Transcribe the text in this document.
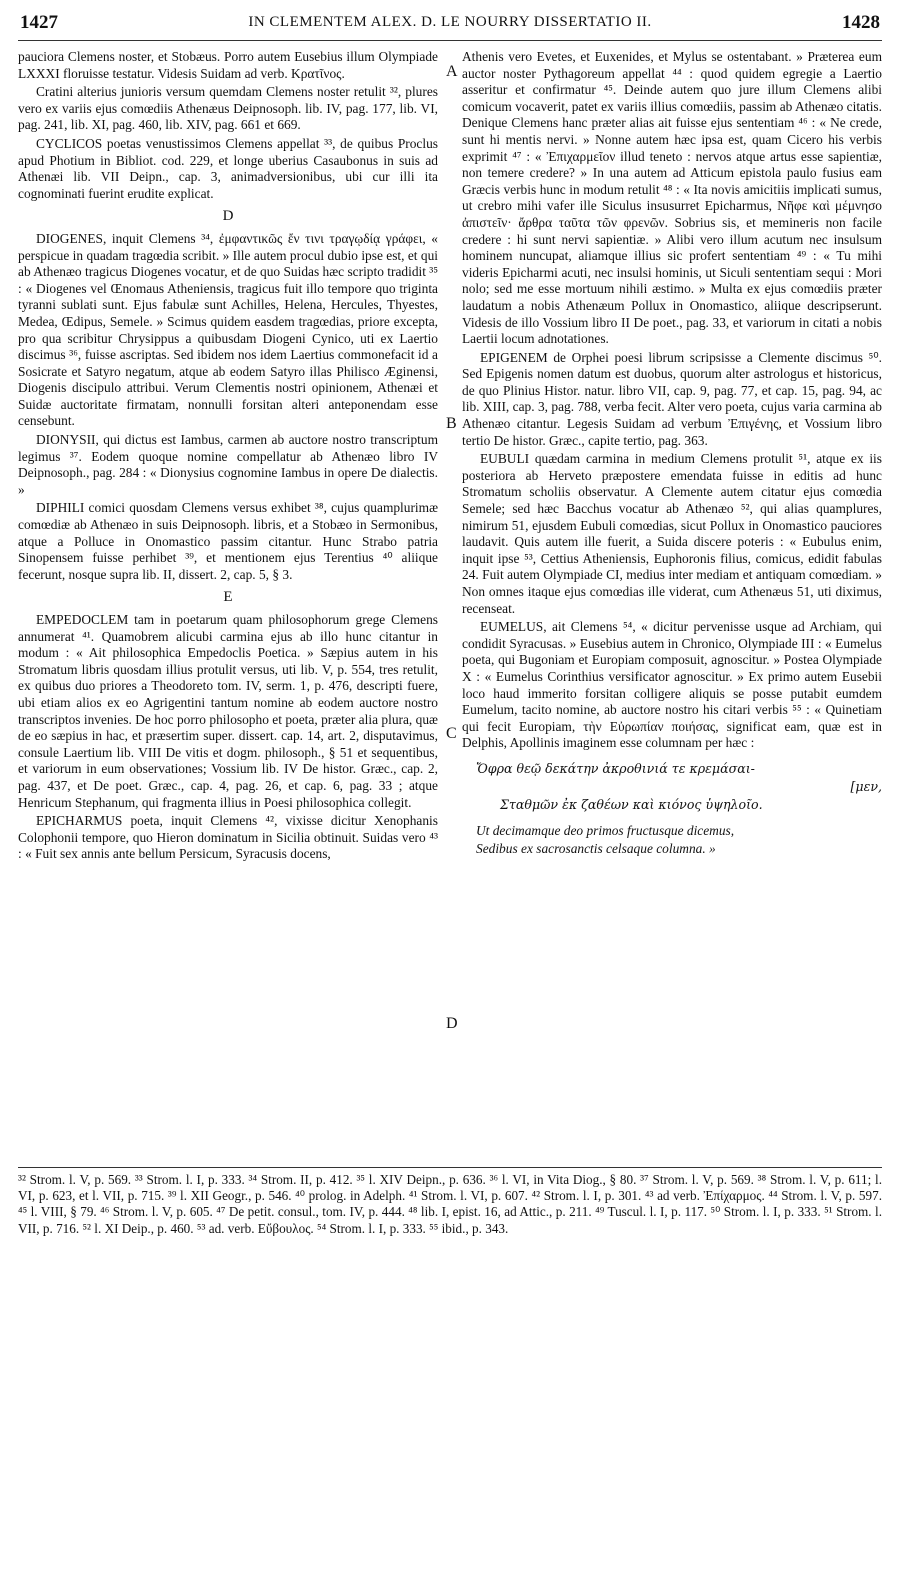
1427	IN CLEMENTEM ALEX. D. LE NOURRY DISSERTATIO II.	1428
A
B
C
D

pauciora Clemens noster, et Stobæus. Porro autem Eusebius illum Olympiade LXXXI floruisse testatur. Videsis Suidam ad verb. Κρατῖνος.

Cratini alterius junioris versum quemdam Clemens noster retulit ³², plures vero ex variis ejus comœdiis Athenæus Deipnosoph. lib. IV, pag. 177, lib. VI, pag. 241, lib. XI, pag. 460, lib. XIV, pag. 661 et 669.

CYCLICOS poetas venustissimos Clemens appellat ³³, de quibus Proclus apud Photium in Bibliot. cod. 229, et longe uberius Casaubonus in suis ad Athenæi lib. VII Deipn., cap. 3, animadversionibus, ubi cur illi ita cognominati fuerint erudite explicat.

D

DIOGENES, inquit Clemens ³⁴, ἐμφαντικῶς ἔν τινι τραγῳδίᾳ γράφει, « perspicue in quadam tragœdia scribit. » Ille autem procul dubio ipse est, et qui ab Athenæo tragicus Diogenes vocatur, et de quo Suidas hæc scripto tradidit ³⁵ : « Diogenes vel Œnomaus Atheniensis, tragicus fuit illo tempore quo triginta tyranni sublati sunt. Ejus fabulæ sunt Achilles, Helena, Hercules, Thyestes, Medea, Œdipus, Semele. » Scimus quidem easdem tragœdias, priore excepta, pro qua scribitur Chrysippus a quibusdam Diogeni Cynico, uti ex Laertio discimus ³⁶, fuisse ascriptas. Sed ibidem nos idem Laertius commonefacit id a Sosicrate et Satyro negatum, atque ab eodem Satyro illas Philisco Æginensi, Diogenis discipulo attribui. Verum Clementis nostri opinionem, Athenæi et Suidæ auctoritate firmatam, nonnulli forsitan alteri anteponendam esse censebunt.

DIONYSII, qui dictus est Iambus, carmen ab auctore nostro transcriptum legimus ³⁷. Eodem quoque nomine compellatur ab Athenæo libro IV Deipnosoph., pag. 284 : « Dionysius cognomine Iambus in opere De dialectis. »

DIPHILI comici quosdam Clemens versus exhibet ³⁸, cujus quamplurimæ comœdiæ ab Athenæo in suis Deipnosoph. libris, et a Stobæo in Sermonibus, atque a Polluce in Onomastico passim citantur. Hunc Strabo patria Sinopensem fuisse perhibet ³⁹, et mentionem ejus Terentius ⁴⁰ aliique fecerunt, nosque supra lib. II, dissert. 2, cap. 5, § 3.

E

EMPEDOCLEM tam in poetarum quam philosophorum grege Clemens annumerat ⁴¹. Quamobrem alicubi carmina ejus ab illo hunc citantur in modum : « Ait philosophica Empedoclis Poetica. » Sæpius autem in his Stromatum libris quosdam illius protulit versus, uti lib. V, p. 554, tres retulit, ex quibus duo priores a Theodoreto tom. IV, serm. 1, p. 476, descripti fuere, ubi etiam alios ex eo Agrigentini tantum nomine ab eodem auctore nostro transcriptos invenies. De hoc porro philosopho et poeta, præter alia plura, quæ de eo sæpius in hac, et præsertim super. dissert. cap. 14, art. 2, disputavimus, consule Laertium lib. VIII De vitis et dogm. philosoph., § 51 et sequentibus, et variorum in eum observationes; Vossium lib. IV De histor. Græc., cap. 2, pag. 437, et De poet. Græc., cap. 4, pag. 26, et cap. 6, pag. 33 ; atque Henricum Stephanum, qui fragmenta illius in Poesi philosophica collegit.

EPICHARMUS poeta, inquit Clemens ⁴², vixisse dicitur Xenophanis Colophonii tempore, quo Hieron dominatum in Sicilia obtinuit. Suidas vero ⁴³ : « Fuit sex annis ante bellum Persicum, Syracusis docens,

Athenis vero Evetes, et Euxenides, et Mylus se ostentabant. » Præterea eum auctor noster Pythagoreum appellat ⁴⁴ : quod quidem egregie a Laertio asseritur et confirmatur ⁴⁵. Deinde autem quo jure illum Clemens alibi comicum vocaverit, patet ex variis illius comœdiis, passim ab Athenæo citatis. Denique Clemens hanc præter alias ait fuisse ejus sententiam ⁴⁶ : « Ne crede, sunt hi mentis nervi. » Nonne autem hæc ipsa est, quam Cicero his verbis exprimit ⁴⁷ : « Ἐπιχαρμεῖον illud teneto : nervos atque artus esse sapientiæ, non temere credere? » In una autem ad Atticum epistola paulo fusius eam Græcis verbis hunc in modum retulit ⁴⁸ : « Ita novis amicitiis implicati sumus, ut crebro mihi vafer ille Siculus insusurret Epicharmus, Νῆφε καὶ μέμνησο ἀπιστεῖν· ἄρθρα ταῦτα τῶν φρενῶν. Sobrius sis, et memineris non facile credere : hi sunt nervi sapientiæ. » Alibi vero illum acutum nec insulsum hominem nuncupat, aliamque illius sic profert sententiam ⁴⁹ : « Tu mihi videris Epicharmi acuti, nec insulsi hominis, ut Siculi sententiam sequi : Mori nolo; sed me esse mortuum nihili æstimo. » Multa ex ejus comœdiis præter laudatum a nobis Athenæum Pollux in Onomastico, aliique descripserunt. Videsis de illo Vossium libro II De poet., pag. 33, et variorum in citati a nobis Laertii locum adnotationes.

EPIGENEM de Orphei poesi librum scripsisse a Clemente discimus ⁵⁰. Sed Epigenis nomen datum est duobus, quorum alter astrologus et historicus, de quo Plinius Histor. natur. libro VII, cap. 9, pag. 77, et cap. 15, pag. 94, ac lib. XIII, cap. 3, pag. 788, verba fecit. Alter vero poeta, cujus varia carmina ab Athenæo citantur. Legesis Suidam ad verbum Ἐπιγένης, et Vossium libro tertio De histor. Græc., capite tertio, pag. 363.

EUBULI quædam carmina in medium Clemens protulit ⁵¹, atque ex iis posteriora ab Herveto præpostere emendata fuisse in editis ad hunc Stromatum scholiis observatur. A Clemente autem citatur ejus comœdia Semele; sed hæc Bacchus vocatur ab Athenæo ⁵², qui alias quamplures, nimirum 51, ejusdem Eubuli comœdias, sicut Pollux in Onomastico pauciores laudavit. Quis autem ille fuerit, a Suida discere poteris : « Eubulus enim, inquit ipse ⁵³, Cettius Atheniensis, Euphoronis filius, comicus, edidit fabulas 24. Fuit autem Olympiade CI, medius inter mediam et antiquam comœdiam. » Non omnes itaque ejus comœdias ille viderat, cum Athenæus 51, uti diximus, recenseat.

EUMELUS, ait Clemens ⁵⁴, « dicitur pervenisse usque ad Archiam, qui condidit Syracusas. » Eusebius autem in Chronico, Olympiade III : « Eumelus poeta, qui Bugoniam et Europiam composuit, agnoscitur. » Postea Olympiade X : « Eumelus Corinthius versificator agnoscitur. » Ex primo autem Eusebii loco haud immerito forsitan colligere aliquis se posse putabit eumdem Eumelum, tacito nomine, ab auctore nostro his citari verbis ⁵⁵ : « Quinetiam qui fecit Europiam, τὴν Εὐρωπίαν ποιήσας, significat eam, quæ est in Delphis, Apollinis imaginem esse columnam per hæc :

Ὄφρα θεῷ δεκάτην ἀκροθινιά τε κρεμάσαι-
[μεν,
Σταθμῶν ἐκ ζαθέων καὶ κιόνος ὑψηλοῖο.
Ut decimamque deo primos fructusque dicemus,
Sedibus ex sacrosanctis celsaque columna. »
³² Strom. l. V, p. 569. ³³ Strom. l. I, p. 333. ³⁴ Strom. II, p. 412. ³⁵ l. XIV Deipn., p. 636. ³⁶ l. VI, in Vita Diog., § 80. ³⁷ Strom. l. V, p. 569. ³⁸ Strom. l. V, p. 611; l. VI, p. 623, et l. VII, p. 715. ³⁹ l. XII Geogr., p. 546. ⁴⁰ prolog. in Adelph. ⁴¹ Strom. l. VI, p. 607. ⁴² Strom. l. I, p. 301. ⁴³ ad verb. Ἐπίχαρμος. ⁴⁴ Strom. l. V, p. 597. ⁴⁵ l. VIII, § 79. ⁴⁶ Strom. l. V, p. 605. ⁴⁷ De petit. consul., tom. IV, p. 444. ⁴⁸ lib. I, epist. 16, ad Attic., p. 211. ⁴⁹ Tuscul. l. I, p. 117. ⁵⁰ Strom. l. I, p. 333. ⁵¹ Strom. l. VII, p. 716. ⁵² l. XI Deip., p. 460. ⁵³ ad. verb. Εὔβουλος. ⁵⁴ Strom. l. I, p. 333. ⁵⁵ ibid., p. 343.
